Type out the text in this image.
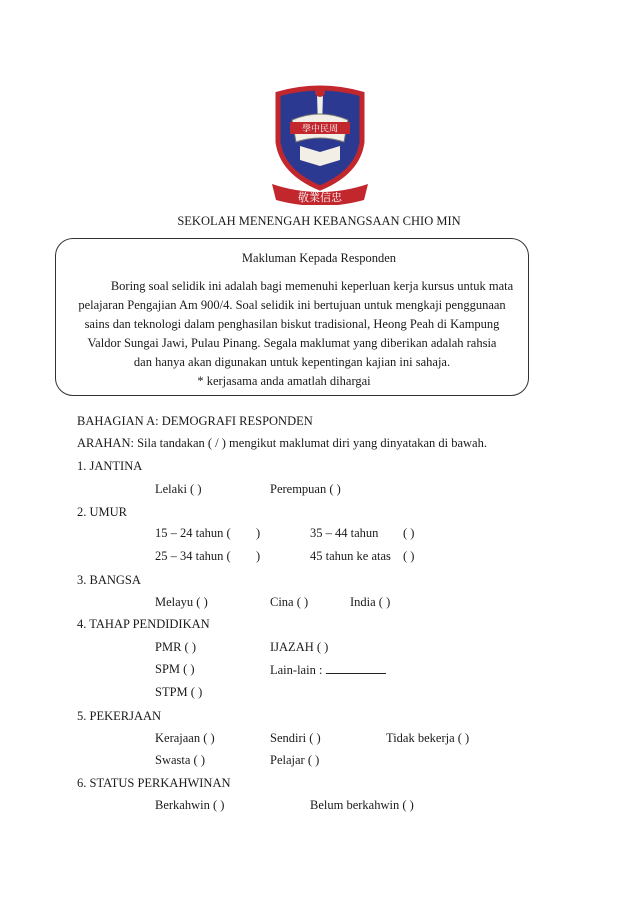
學中民周
敬業信忠
SEKOLAH MENENGAH KEBANGSAAN CHIO MIN
Makluman Kepada Responden
Boring soal selidik ini adalah bagi memenuhi keperluan kerja kursus untuk mata
pelajaran Pengajian Am 900/4. Soal selidik ini bertujuan untuk mengkaji penggunaan
sains dan teknologi dalam penghasilan biskut tradisional, Heong Peah di Kampung
Valdor Sungai Jawi, Pulau Pinang. Segala maklumat yang diberikan adalah rahsia
dan hanya akan digunakan untuk kepentingan kajian ini sahaja.
* kerjasama anda amatlah dihargai
BAHAGIAN A: DEMOGRAFI RESPONDEN
ARAHAN: Sila tandakan ( / ) mengikut maklumat diri yang dinyatakan di bawah.
1. JANTINA
Lelaki ( )	Perempuan ( )
2. UMUR
15 – 24 tahun ( )	35 – 44 tahun ( )
25 – 34 tahun ( )	45 tahun ke atas ( )
3. BANGSA
Melayu ( )	Cina ( )	India ( )
4. TAHAP PENDIDIKAN
PMR ( )	IJAZAH ( )
SPM ( )	Lain-lain :
STPM ( )
5. PEKERJAAN
Kerajaan ( )	Sendiri ( )	Tidak bekerja ( )
Swasta ( )	Pelajar ( )
6. STATUS PERKAHWINAN
Berkahwin ( )	Belum berkahwin ( )
